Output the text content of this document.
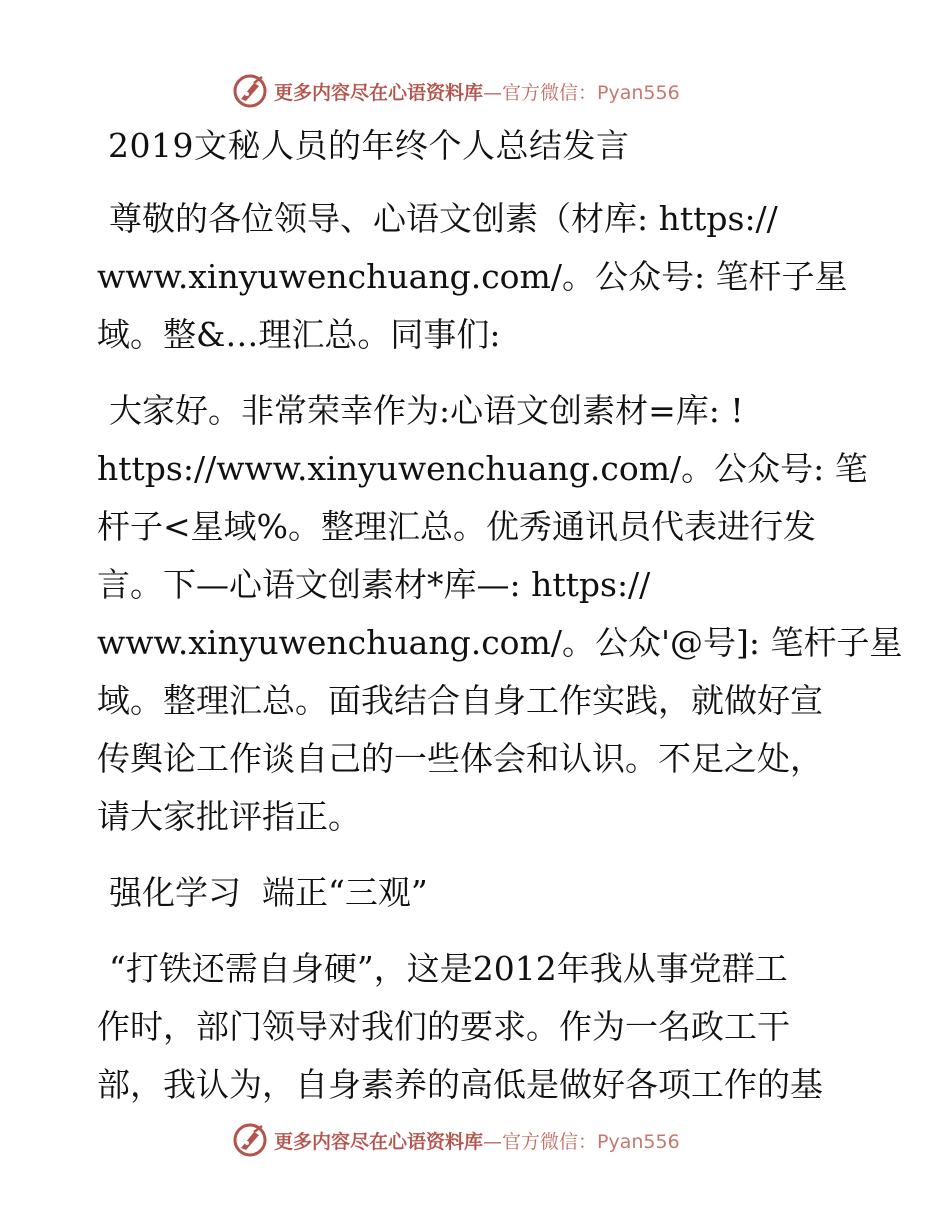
更多内容尽在心语资料库—官方微信：Pyan556
2019文秘人员的年终个人总结发言
尊敬的各位领导、心语文创素（材库: https://
www.xinyuwenchuang.com/。公众号: 笔杆子星
域。整&…理汇总。同事们:
大家好。非常荣幸作为:心语文创素材=库: !
https://www.xinyuwenchuang.com/。公众号: 笔
杆子<星域%。整理汇总。优秀通讯员代表进行发
言。下—心语文创素材*库—: https://
www.xinyuwenchuang.com/。公众'@号]: 笔杆子星
域。整理汇总。面我结合自身工作实践，就做好宣
传舆论工作谈自己的一些体会和认识。不足之处，
请大家批评指正。
强化学习  端正“三观”
“打铁还需自身硬”，这是2012年我从事党群工
作时，部门领导对我们的要求。作为一名政工干
部，我认为，自身素养的高低是做好各项工作的基
更多内容尽在心语资料库—官方微信：Pyan556
